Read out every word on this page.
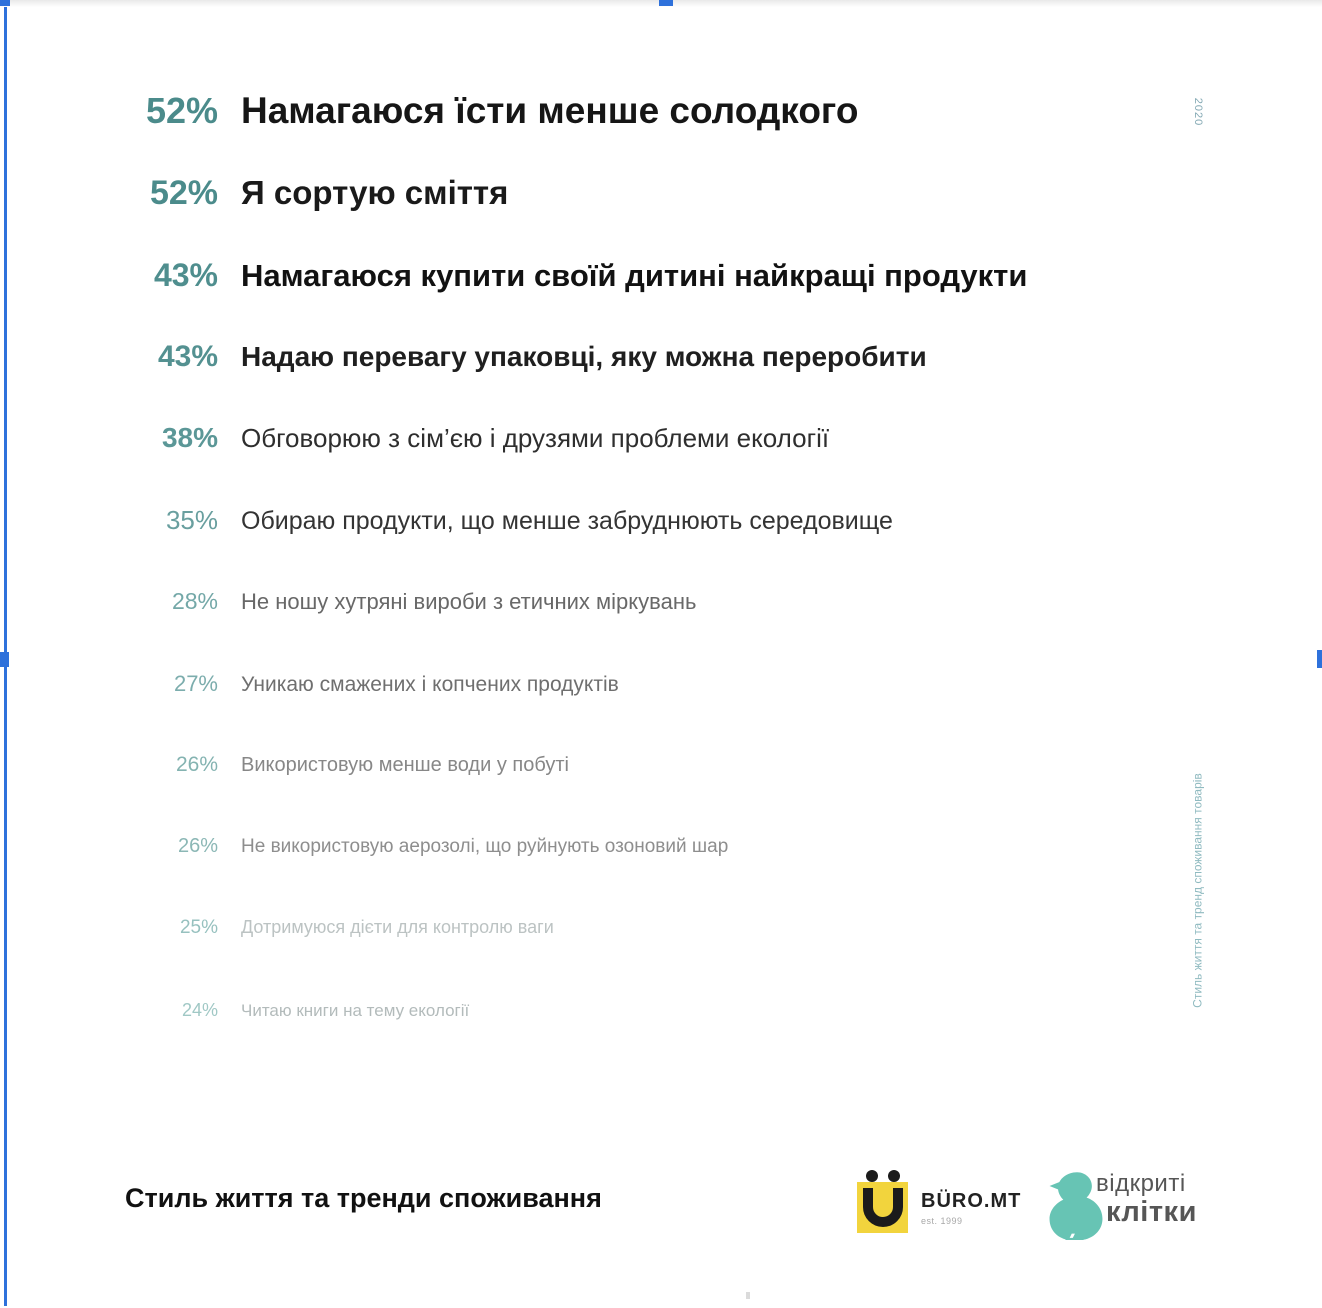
2020
Стиль життя та тренд споживання товарів
52% Намагаюся їсти менше солодкого
52% Я сортую сміття
43% Намагаюся купити своїй дитині найкращі продукти
43% Надаю перевагу упаковці, яку можна переробити
38% Обговорюю з сім’єю і друзями проблеми екології
35% Обираю продукти, що менше забруднюють середовище
28% Не ношу хутряні вироби з етичних міркувань
27% Уникаю смажених і копчених продуктів
26% Використовую менше води у побуті
26% Не використовую аерозолі, що руйнують озоновий шар
25% Дотримуюся дієти для контролю ваги
24% Читаю книги на тему екології
Стиль життя та тренди споживання	BÜRO.MT
est. 1999
відкриті
клітки
